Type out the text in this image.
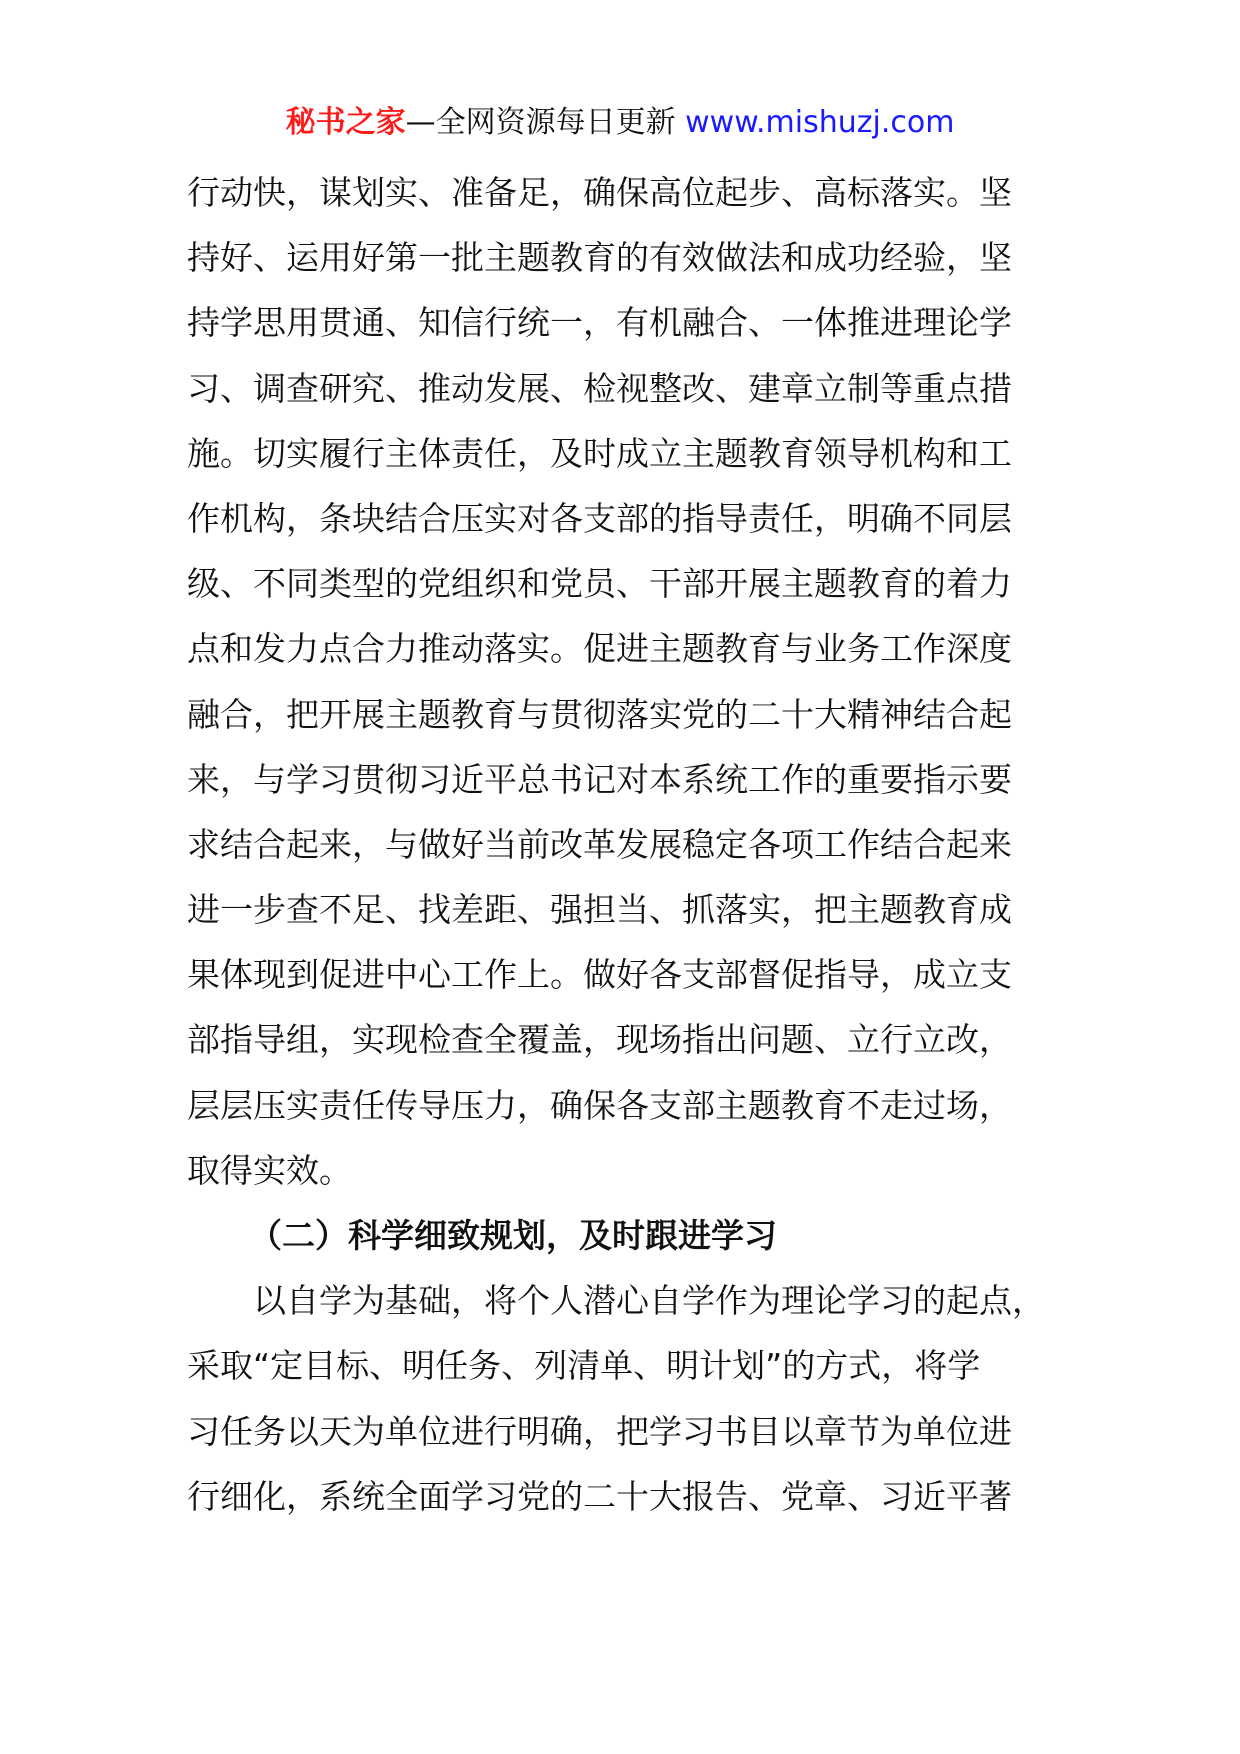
秘书之家—全网资源每日更新 www.mishuzj.com
行动快，谋划实、准备足，确保高位起步、高标落实。坚
持好、运用好第一批主题教育的有效做法和成功经验，坚
持学思用贯通、知信行统一，有机融合、一体推进理论学
习、调查研究、推动发展、检视整改、建章立制等重点措
施。切实履行主体责任，及时成立主题教育领导机构和工
作机构，条块结合压实对各支部的指导责任，明确不同层
级、不同类型的党组织和党员、干部开展主题教育的着力
点和发力点合力推动落实。促进主题教育与业务工作深度
融合，把开展主题教育与贯彻落实党的二十大精神结合起
来，与学习贯彻习近平总书记对本系统工作的重要指示要
求结合起来，与做好当前改革发展稳定各项工作结合起来
进一步查不足、找差距、强担当、抓落实，把主题教育成
果体现到促进中心工作上。做好各支部督促指导，成立支
部指导组，实现检查全覆盖，现场指出问题、立行立改，
层层压实责任传导压力，确保各支部主题教育不走过场，
取得实效。
（二）科学细致规划，及时跟进学习
以自学为基础，将个人潜心自学作为理论学习的起点，
采取“定目标、明任务、列清单、明计划”的方式，将学
习任务以天为单位进行明确，把学习书目以章节为单位进
行细化，系统全面学习党的二十大报告、党章、习近平著
